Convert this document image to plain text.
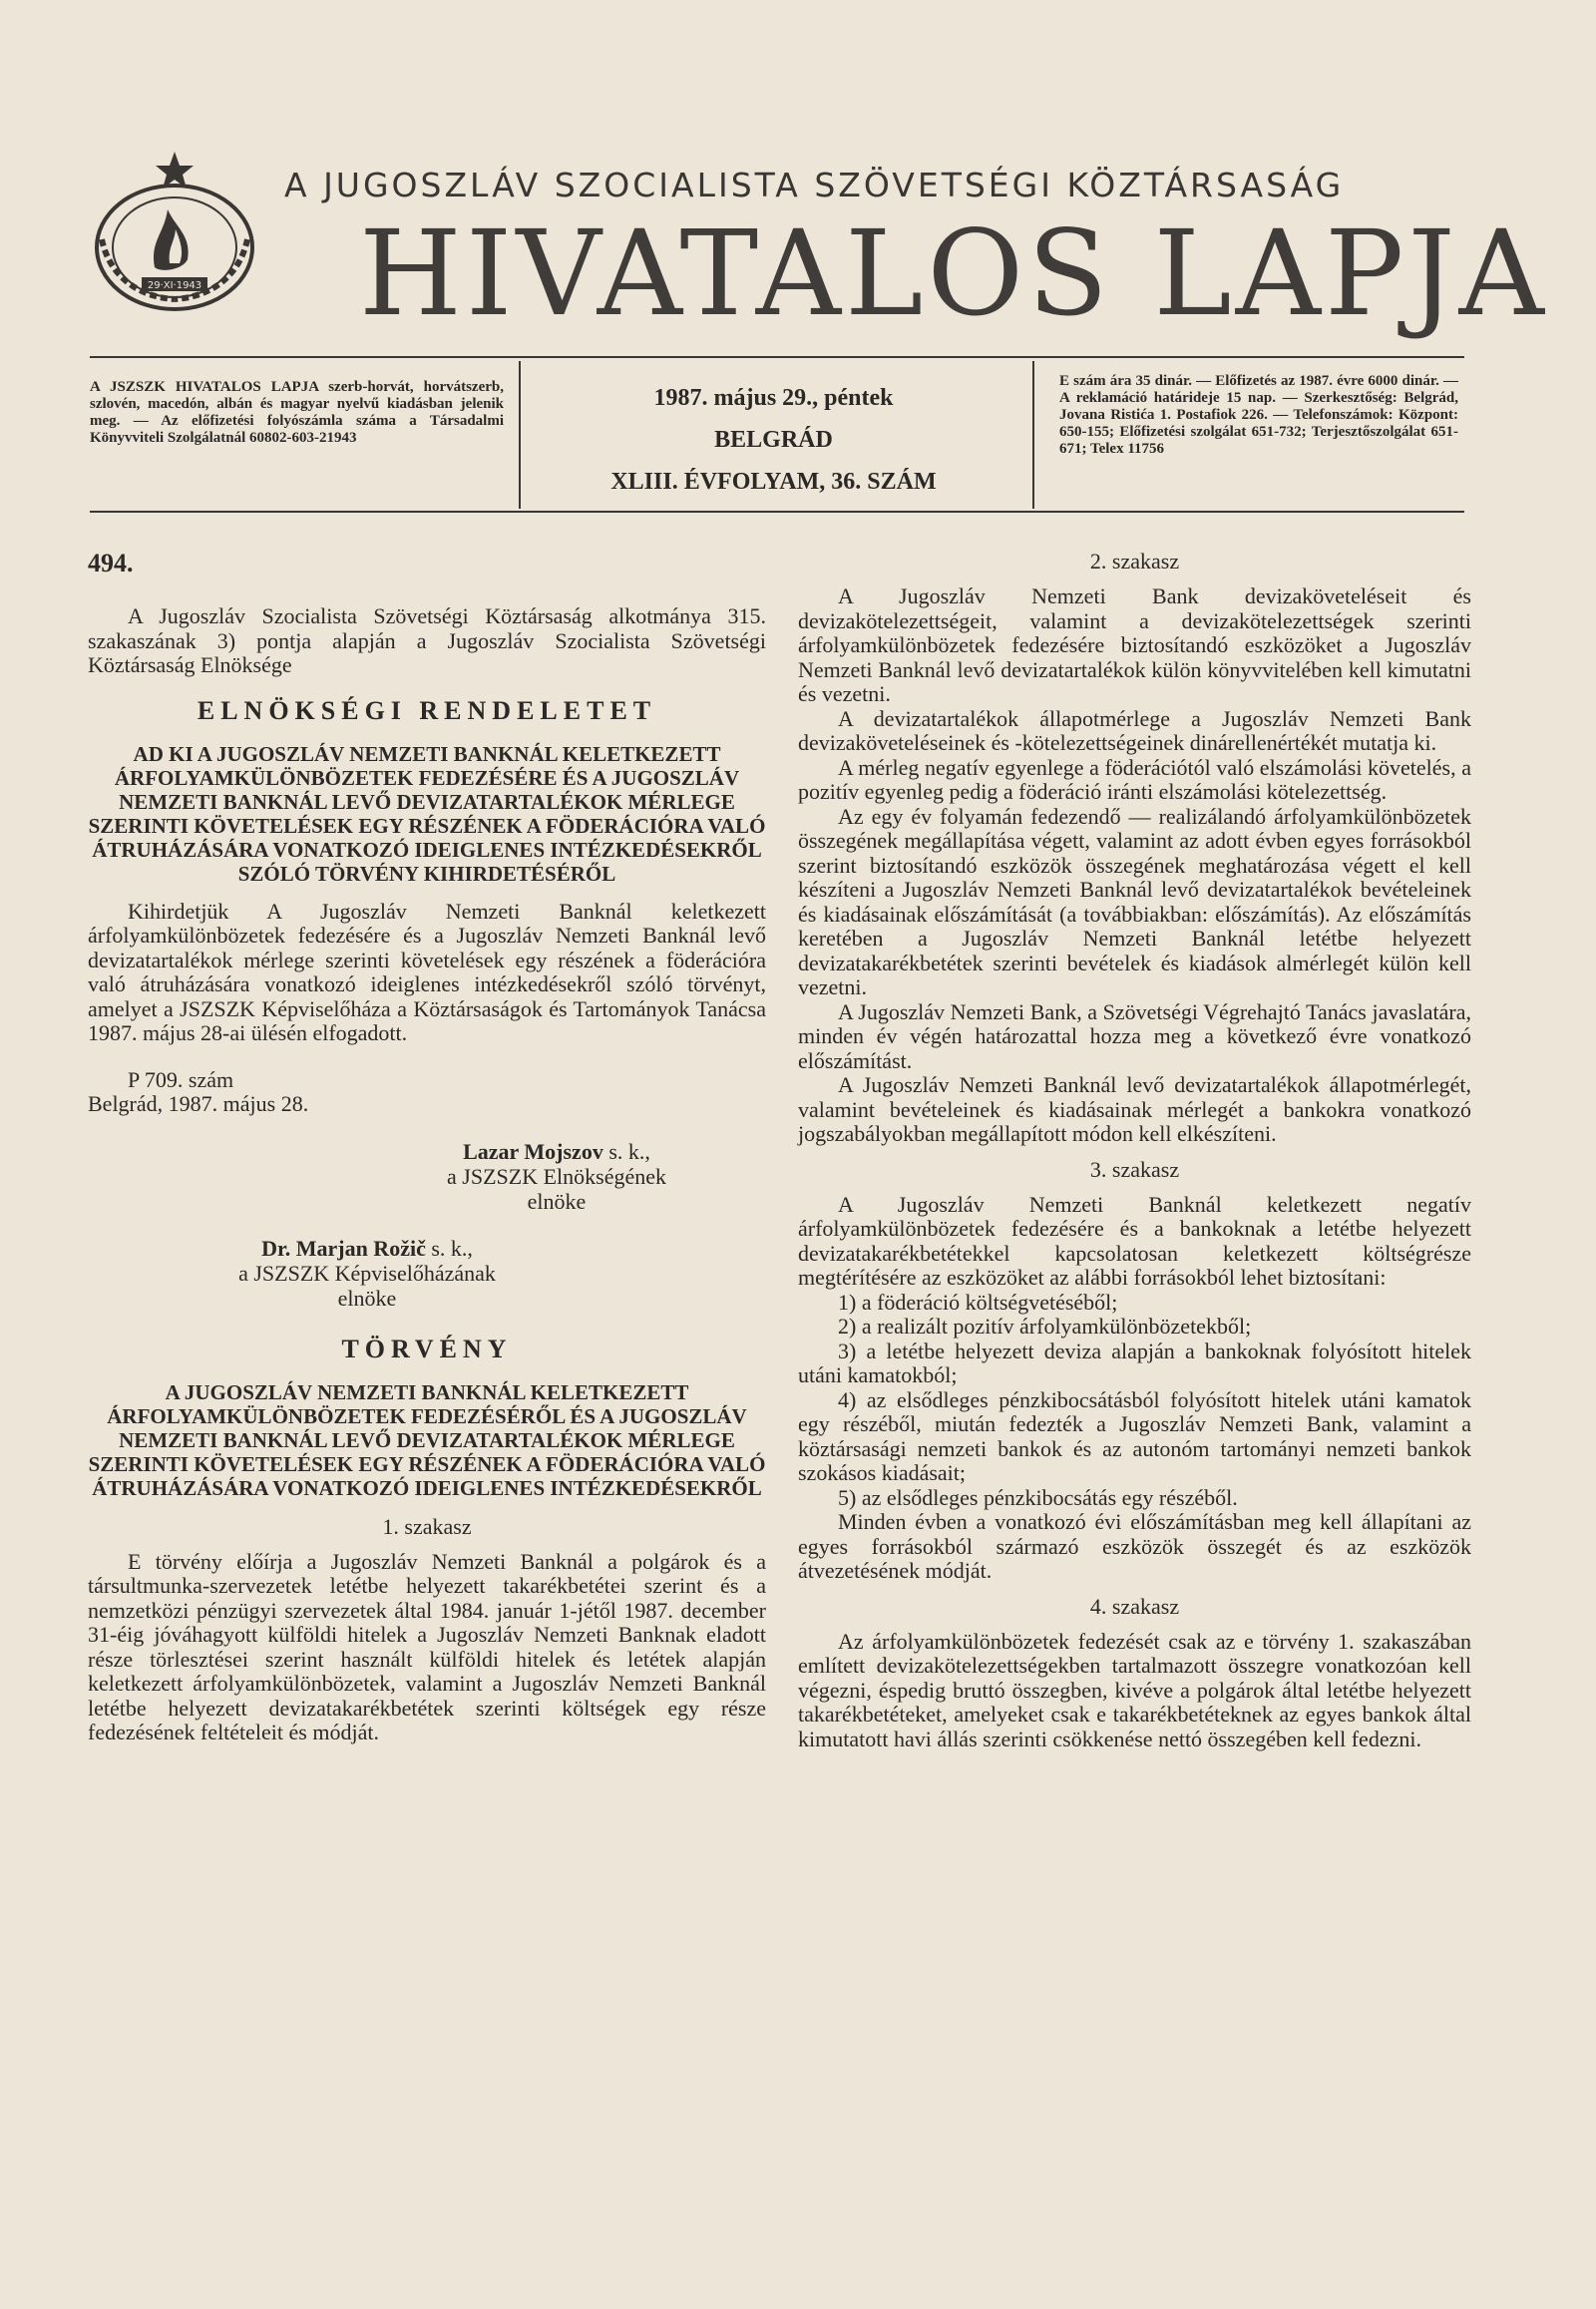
29·XI·1943
A JUGOSZLÁV SZOCIALISTA SZÖVETSÉGI KÖZTÁRSASÁG
HIVATALOS LAPJA
A JSZSZK HIVATALOS LAPJA szerb-horvát, horvátszerb, szlovén, macedón, albán és magyar nyelvű kiadásban jelenik meg. — Az előfizetési folyószámla száma a Társadalmi Könyvviteli Szolgálatnál 60802-603-21943
1987. május 29., péntek
BELGRÁD
XLIII. ÉVFOLYAM, 36. SZÁM
E szám ára 35 dinár. — Előfizetés az 1987. évre 6000 dinár. — A reklamáció határideje 15 nap. — Szerkesztőség: Belgrád, Jovana Ristića 1. Postafiok 226. — Telefonszámok: Központ: 650-155; Előfizetési szolgálat 651-732; Terjesztőszolgálat 651-671; Telex 11756
494.

A Jugoszláv Szocialista Szövetségi Köztársaság alkotmánya 315. szakaszának 3) pontja alapján a Jugoszláv Szocialista Szövetségi Köztársaság Elnöksége

ELNÖKSÉGI RENDELETET
AD KI A JUGOSZLÁV NEMZETI BANKNÁL KELETKEZETT ÁRFOLYAMKÜLÖNBÖZETEK FEDEZÉSÉRE ÉS A JUGOSZLÁV NEMZETI BANKNÁL LEVŐ DEVIZATARTALÉKOK MÉRLEGE SZERINTI KÖVETELÉSEK EGY RÉSZÉNEK A FÖDERÁCIÓRA VALÓ ÁTRUHÁZÁSÁRA VONATKOZÓ IDEIGLENES INTÉZKEDÉSEKRŐL SZÓLÓ TÖRVÉNY KIHIRDETÉSÉRŐL

Kihirdetjük A Jugoszláv Nemzeti Banknál keletkezett árfolyamkülönbözetek fedezésére és a Jugoszláv Nemzeti Banknál levő devizatartalékok mérlege szerinti követelések egy részének a föderációra való átruházására vonatkozó ideiglenes intézkedésekről szóló törvényt, amelyet a JSZSZK Képviselőháza a Köztársaságok és Tartományok Tanácsa 1987. május 28-ai ülésén elfogadott.

P 709. szám

Belgrád, 1987. május 28.

Lazar Mojszov s. k.,
a JSZSZK Elnökségének
elnöke
Dr. Marjan Rožič s. k.,
a JSZSZK Képviselőházának
elnöke
TÖRVÉNY
A JUGOSZLÁV NEMZETI BANKNÁL KELETKEZETT ÁRFOLYAMKÜLÖNBÖZETEK FEDEZÉSÉRŐL ÉS A JUGOSZLÁV NEMZETI BANKNÁL LEVŐ DEVIZATARTALÉKOK MÉRLEGE SZERINTI KÖVETELÉSEK EGY RÉSZÉNEK A FÖDERÁCIÓRA VALÓ ÁTRUHÁZÁSÁRA VONATKOZÓ IDEIGLENES INTÉZKEDÉSEKRŐL
1. szakasz

E törvény előírja a Jugoszláv Nemzeti Banknál a polgárok és a társultmunka-szervezetek letétbe helyezett takarékbetétei szerint és a nemzetközi pénzügyi szervezetek által 1984. január 1-jétől 1987. december 31-éig jóváhagyott külföldi hitelek a Jugoszláv Nemzeti Banknak eladott része törlesztései szerint használt külföldi hitelek és letétek alapján keletkezett árfolyamkülönbözetek, valamint a Jugoszláv Nemzeti Banknál letétbe helyezett devizatakarékbetétek szerinti költségek egy része fedezésének feltételeit és módját.

2. szakasz

A Jugoszláv Nemzeti Bank devizaköveteléseit és devizakötelezettségeit, valamint a devizakötelezettségek szerinti árfolyamkülönbözetek fedezésére biztosítandó eszközöket a Jugoszláv Nemzeti Banknál levő devizatartalékok külön könyvvitelében kell kimutatni és vezetni.

A devizatartalékok állapotmérlege a Jugoszláv Nemzeti Bank devizaköveteléseinek és -kötelezettségeinek dinárellenértékét mutatja ki.

A mérleg negatív egyenlege a föderációtól való elszámolási követelés, a pozitív egyenleg pedig a föderáció iránti elszámolási kötelezettség.

Az egy év folyamán fedezendő — realizálandó árfolyamkülönbözetek összegének megállapítása végett, valamint az adott évben egyes forrásokból szerint biztosítandó eszközök összegének meghatározása végett el kell készíteni a Jugoszláv Nemzeti Banknál levő devizatartalékok bevételeinek és kiadásainak előszámítását (a továbbiakban: előszámítás). Az előszámítás keretében a Jugoszláv Nemzeti Banknál letétbe helyezett devizatakarékbetétek szerinti bevételek és kiadások almérlegét külön kell vezetni.

A Jugoszláv Nemzeti Bank, a Szövetségi Végrehajtó Tanács javaslatára, minden év végén határozattal hozza meg a következő évre vonatkozó előszámítást.

A Jugoszláv Nemzeti Banknál levő devizatartalékok állapotmérlegét, valamint bevételeinek és kiadásainak mérlegét a bankokra vonatkozó jogszabályokban megállapított módon kell elkészíteni.

3. szakasz

A Jugoszláv Nemzeti Banknál keletkezett negatív árfolyamkülönbözetek fedezésére és a bankoknak a letétbe helyezett devizatakarékbetétekkel kapcsolatosan keletkezett költségrésze megtérítésére az eszközöket az alábbi forrásokból lehet biztosítani:

1) a föderáció költségvetéséből;

2) a realizált pozitív árfolyamkülönbözetekből;

3) a letétbe helyezett deviza alapján a bankoknak folyósított hitelek utáni kamatokból;

4) az elsődleges pénzkibocsátásból folyósított hitelek utáni kamatok egy részéből, miután fedezték a Jugoszláv Nemzeti Bank, valamint a köztársasági nemzeti bankok és az autonóm tartományi nemzeti bankok szokásos kiadásait;

5) az elsődleges pénzkibocsátás egy részéből.

Minden évben a vonatkozó évi előszámításban meg kell állapítani az egyes forrásokból származó eszközök összegét és az eszközök átvezetésének módját.

4. szakasz

Az árfolyamkülönbözetek fedezését csak az e törvény 1. szakaszában említett devizakötelezettségekben tartalmazott összegre vonatkozóan kell végezni, éspedig bruttó összegben, kivéve a polgárok által letétbe helyezett takarékbetéteket, amelyeket csak e takarékbetéteknek az egyes bankok által kimutatott havi állás szerinti csökkenése nettó összegében kell fedezni.
